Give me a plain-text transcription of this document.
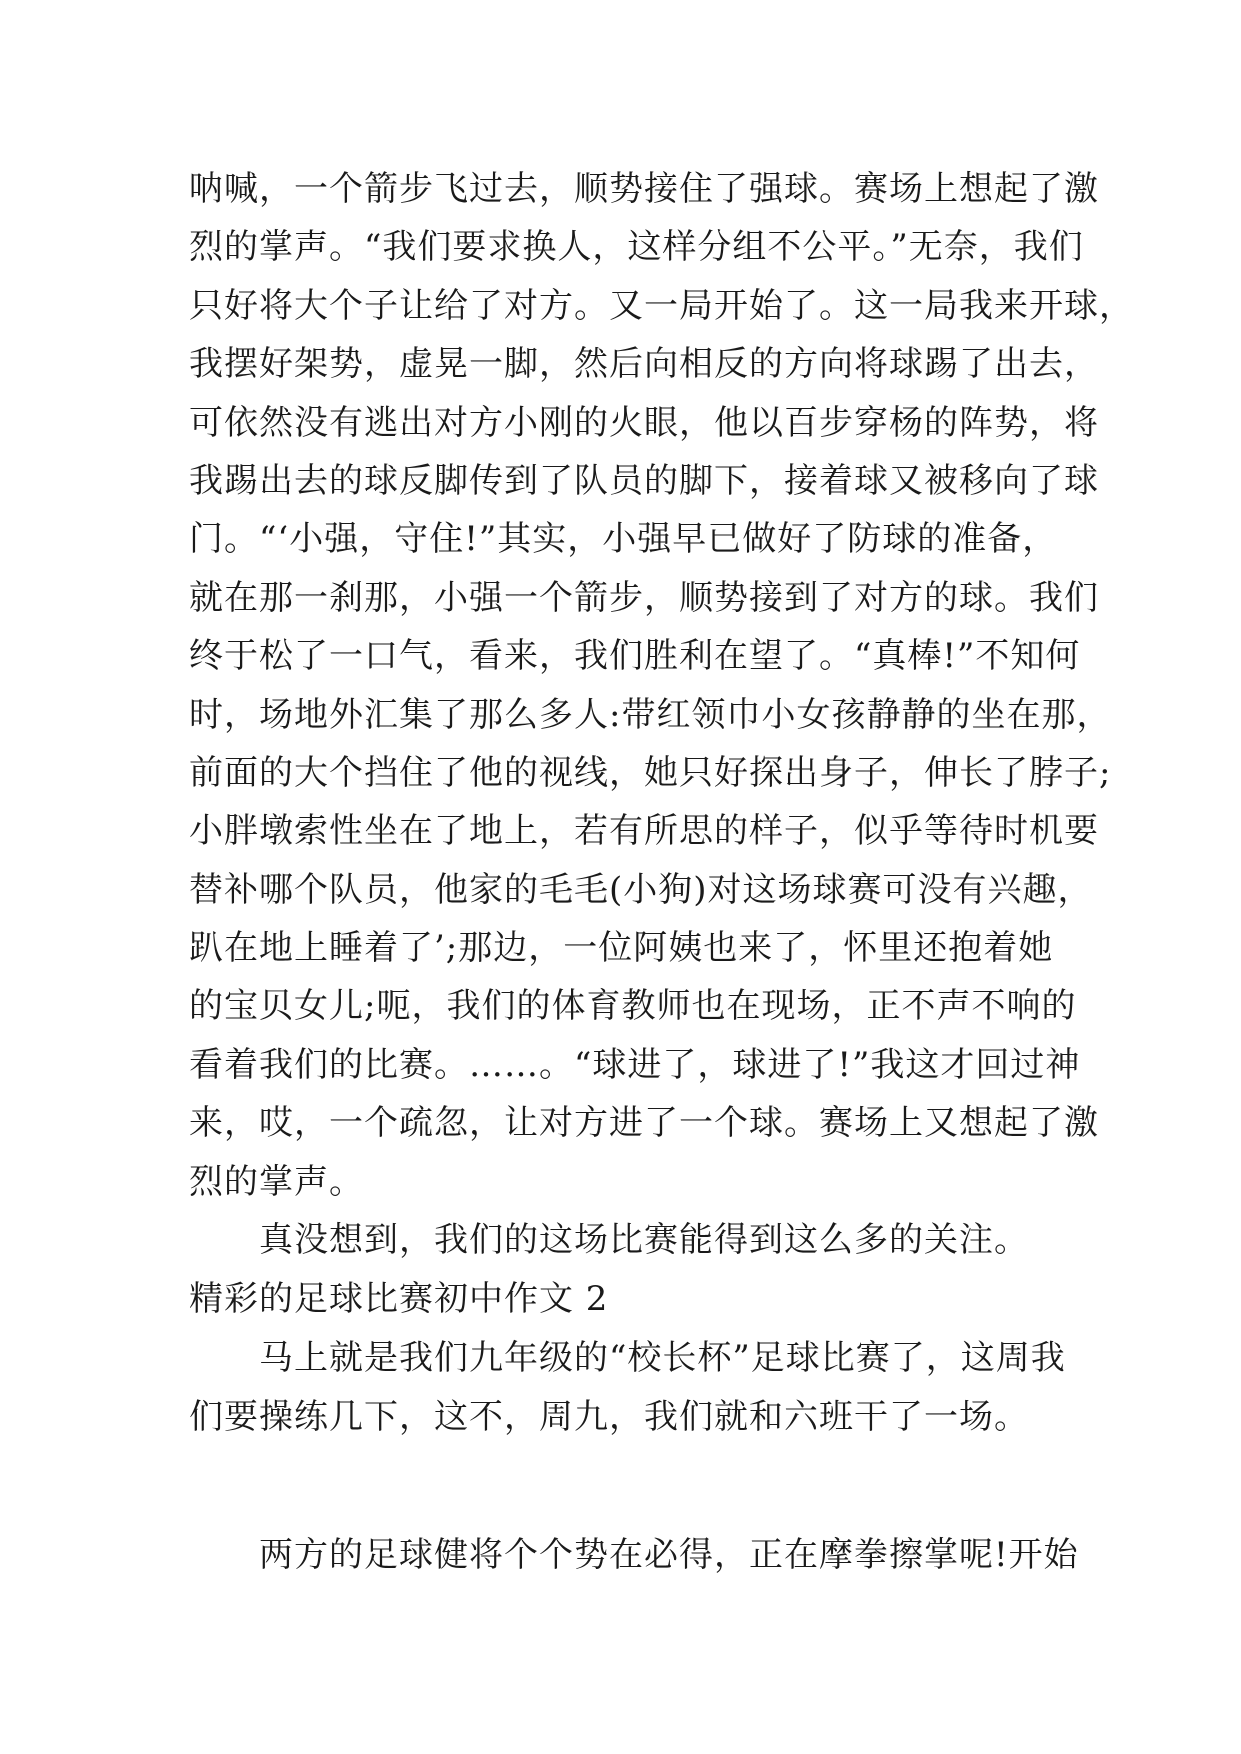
呐喊，一个箭步飞过去，顺势接住了强球。赛场上想起了激
烈的掌声。“我们要求换人，这样分组不公平。”无奈，我们
只好将大个子让给了对方。又一局开始了。这一局我来开球，
我摆好架势，虚晃一脚，然后向相反的方向将球踢了出去，
可依然没有逃出对方小刚的火眼，他以百步穿杨的阵势，将
我踢出去的球反脚传到了队员的脚下，接着球又被移向了球
门。“‘小强，守住!”其实，小强早已做好了防球的准备，
就在那一刹那，小强一个箭步，顺势接到了对方的球。我们
终于松了一口气，看来，我们胜利在望了。“真棒!”不知何
时，场地外汇集了那么多人:带红领巾小女孩静静的坐在那，
前面的大个挡住了他的视线，她只好探出身子，伸长了脖子;
小胖墩索性坐在了地上，若有所思的样子，似乎等待时机要
替补哪个队员，他家的毛毛(小狗)对这场球赛可没有兴趣，
趴在地上睡着了’;那边，一位阿姨也来了，怀里还抱着她
的宝贝女儿;呃，我们的体育教师也在现场，正不声不响的
看着我们的比赛。……。“球进了，球进了!”我这才回过神
来，哎，一个疏忽，让对方进了一个球。赛场上又想起了激
烈的掌声。
真没想到，我们的这场比赛能得到这么多的关注。
精彩的足球比赛初中作文 2
马上就是我们九年级的“校长杯”足球比赛了，这周我
们要操练几下，这不，周九，我们就和六班干了一场。
两方的足球健将个个势在必得，正在摩拳擦掌呢!开始
